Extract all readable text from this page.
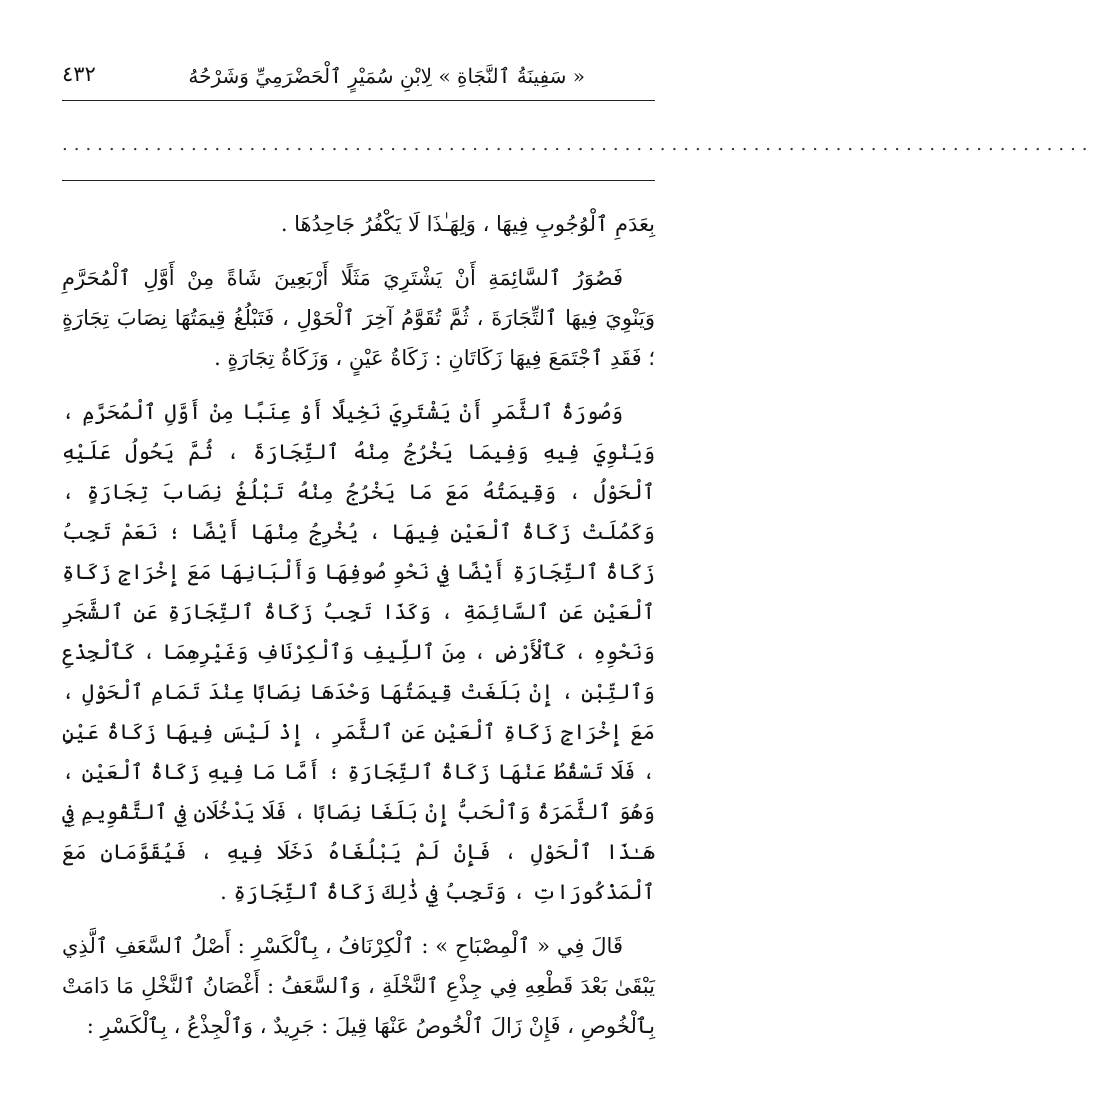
« سَفِينَةُ ٱلنَّجَاةِ » لِابْنِ سُمَيْرٍ ٱلْحَضْرَمِيِّ وَشَرْحُهُ
٤٣٢
........................................................................................

بِعَدَمِ ٱلْوُجُوبِ فِيهَا ، وَلِهَـٰذَا لَا يَكْفُرُ جَاحِدُهَا .

فَصُوَرُ ٱلسَّائِمَةِ أَنْ يَشْتَرِيَ مَثَلًا أَرْبَعِينَ شَاةً مِنْ أَوَّلِ ٱلْمُحَرَّمِ وَيَنْوِيَ فِيهَا ٱلتِّجَارَةَ ، ثُمَّ تُقَوَّمُ آخِرَ ٱلْحَوْلِ ، فَتَبْلُغُ قِيمَتُهَا نِصَابَ تِجَارَةٍ ؛ فَقَدِ ٱجْتَمَعَ فِيهَا زَكَاتَانِ : زَكَاةُ عَيْنٍ ، وَزَكَاةُ تِجَارَةٍ .

وَصُورَةُ ٱلثَّمَرِ أَنْ يَشْتَرِيَ نَخِيلًا أَوْ عِنَبًا مِنْ أَوَّلِ ٱلْمُحَرَّمِ ، وَيَنْوِيَ فِيهِ وَفِيمَا يَخْرُجُ مِنْهُ ٱلتِّجَارَةَ ، ثُمَّ يَحُولُ عَلَيْهِ ٱلْحَوْلُ ، وَقِيمَتُهُ مَعَ مَا يَخْرُجُ مِنْهُ تَبْلُغُ نِصَابَ تِجَارَةٍ ، وَكَمُلَتْ زَكَاةُ ٱلْعَيْنِ فِيهَا ، يُخْرِجُ مِنْهَا أَيْضًا ؛ نَعَمْ تَجِبُ زَكَاةُ ٱلتِّجَارَةِ أَيْضًا فِي نَحْوِ صُوفِهَا وَأَلْبَانِهَا مَعَ إِخْرَاجِ زَكَاةِ ٱلْعَيْنِ عَنِ ٱلسَّائِمَةِ ، وَكَذَا تَجِبُ زَكَاةُ ٱلتِّجَارَةِ عَنِ ٱلشَّجَرِ وَنَحْوِهِ ، كَٱلْأَرْضِ ، مِنَ ٱللِّيفِ وَٱلْكِرْنَافِ وَغَيْرِهِمَا ، كَٱلْجِذْعِ وَٱلتِّبْنِ ، إِنْ بَلَغَتْ قِيمَتُهَا وَحْدَهَا نِصَابًا عِنْدَ تَمَامِ ٱلْحَوْلِ ، مَعَ إِخْرَاجِ زَكَاةِ ٱلْعَيْنِ عَنِ ٱلثَّمَرِ ، إِذْ لَيْسَ فِيهَا زَكَاةُ عَيْنٍ ، فَلَا تَسْقُطُ عَنْهَا زَكَاةُ ٱلتِّجَارَةِ ؛ أَمَّا مَا فِيهِ زَكَاةُ ٱلْعَيْنِ ، وَهُوَ ٱلثَّمَرَةُ وَٱلْحَبُّ إِنْ بَلَغَا نِصَابًا ، فَلَا يَدْخُلَانِ فِي ٱلتَّقْوِيمِ فِي هَـٰذَا ٱلْحَوْلِ ، فَإِنْ لَمْ يَبْلُغَاهُ دَخَلَا فِيهِ ، فَيُقَوَّمَانِ مَعَ ٱلْمَذْكُورَاتِ ، وَتَجِبُ فِي ذَٰلِكَ زَكَاةُ ٱلتِّجَارَةِ .

قَالَ فِي « ٱلْمِصْبَاحِ » : ٱلْكِرْنَافُ ، بِٱلْكَسْرِ : أَصْلُ ٱلسَّعَفِ ٱلَّذِي يَبْقَىٰ بَعْدَ قَطْعِهِ فِي جِذْعِ ٱلنَّخْلَةِ ، وَٱلسَّعَفُ : أَغْصَانُ ٱلنَّخْلِ مَا دَامَتْ بِٱلْخُوصِ ، فَإِنْ زَالَ ٱلْخُوصُ عَنْهَا قِيلَ : جَرِيدٌ ، وَٱلْجِذْعُ ، بِٱلْكَسْرِ :
